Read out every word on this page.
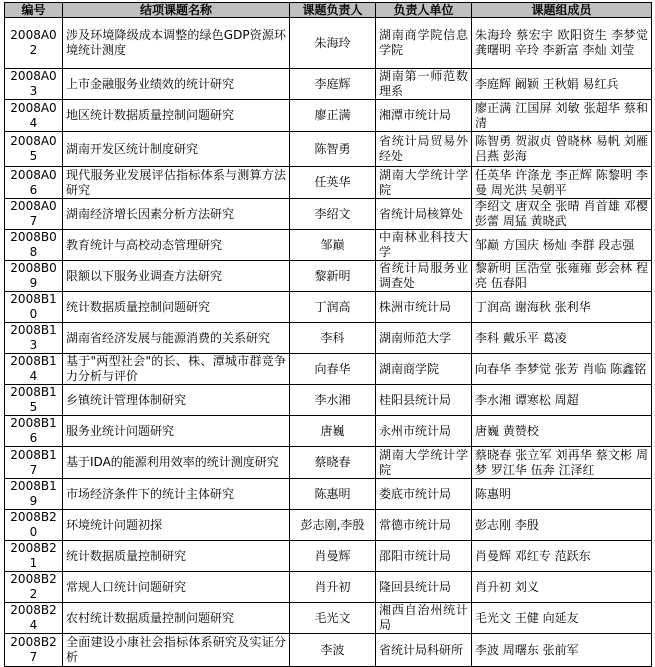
编号	结项课题名称	课题负责人	负责人单位	课题组成员
2008A02	涉及环境降级成本调整的绿色GDP资源环境统计测度	朱海玲	湖南商学院信息学院	朱海玲 蔡宏宇 欧阳资生 李梦觉 龚曙明 辛玲 李新富 李灿 刘莹
2008A03	上市金融服务业绩效的统计研究	李庭辉	湖南第一师范数理系	李庭辉 阚颖 王秋娟 易红兵
2008A04	地区统计数据质量控制问题研究	廖正满	湘潭市统计局	廖正满 江国屏 刘敏 张超华 蔡和清
2008A05	湖南开发区统计制度研究	陈智勇	省统计局贸易外经处	陈智勇 贺淑贞 曾晓林 易帆 刘雁 吕燕 彭海
2008A06	现代服务业发展评估指标体系与测算方法研究	任英华	湖南大学统计学院	任英华 许涤龙 李正辉 陈黎明 李曼 周光洪 吴朝平
2008A07	湖南经济增长因素分析方法研究	李绍文	省统计局核算处	李绍文 唐双全 张晴 肖首雄 邓樱 彭蕾 周猛 黄晓武
2008B08	教育统计与高校动态管理研究	邹巅	中南林业科技大学	邹巅 方国庆 杨灿 李群 段志强
2008B09	限额以下服务业调查方法研究	黎新明	省统计局服务业调查处	黎新明 匡浩堂 张雍雍 彭会林 程亮 伍春阳
2008B10	统计数据质量控制问题研究	丁润高	株洲市统计局	丁润高 谢海秋 张利华
2008B13	湖南省经济发展与能源消费的关系研究	李科	湖南师范大学	李科 戴乐平 葛凌
2008B14	基于"两型社会"的长、株、潭城市群竞争力分析与评价	向春华	湖南商学院	向春华 李梦觉 张芳 肖临 陈鑫铭
2008B15	乡镇统计管理体制研究	李水湘	桂阳县统计局	李水湘 谭寒松 周超
2008B16	服务业统计问题研究	唐巍	永州市统计局	唐巍 黄赞校
2008B17	基于IDA的能源利用效率的统计测度研究	蔡晓春	湖南大学统计学院	蔡晓春 张立军 刘再华 蔡文彬 周梦 罗江华 伍奔 江泽红
2008B19	市场经济条件下的统计主体研究	陈惠明	娄底市统计局	陈惠明
2008B20	环境统计问题初探	彭志刚,李殷	常德市统计局	彭志刚 李殷
2008B21	统计数据质量控制研究	肖曼辉	邵阳市统计局	肖曼辉 邓红专 范跃东
2008B22	常规人口统计问题研究	肖升初	隆回县统计局	肖升初 刘义
2008B24	农村统计数据质量控制问题研究	毛光文	湘西自治州统计局	毛光文 王健 向延友
2008B27	全面建设小康社会指标体系研究及实证分析	李波	省统计局科研所	李波 周曙东 张前军
